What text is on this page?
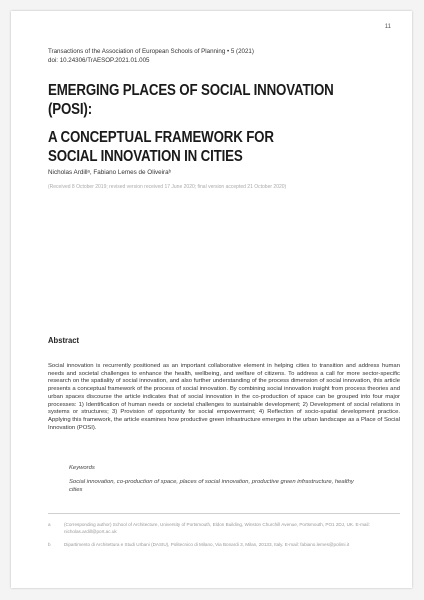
11
Transactions of the Association of European Schools of Planning • 5 (2021)
doi: 10.24306/TrAESOP.2021.01.005
EMERGING PLACES OF SOCIAL INNOVATION
(POSI):
A CONCEPTUAL FRAMEWORK FOR
SOCIAL INNOVATION IN CITIES
Nicholas Ardillᵃ, Fabiano Lemes de Oliveiraᵇ
(Received 8 October 2019; revised version received 17 June 2020; final version accepted 21 October 2020)
Abstract
Social innovation is recurrently positioned as an important collaborative element in helping cities to transition and address human needs and societal challenges to enhance the health, wellbeing, and welfare of citizens. To address a call for more sector-specific research on the spatiality of social innovation, and also further understanding of the process dimension of social innovation, this article presents a conceptual framework of the process of social innovation. By combining social innovation insight from process theories and urban spaces discourse the article indicates that of social innovation in the co-production of space can be grouped into four major processes: 1) Identification of human needs or societal challenges to sustainable development; 2) Development of social relations in systems or structures; 3) Provision of opportunity for social empowerment; 4) Reflection of socio-spatial development practice. Applying this framework, the article examines how productive green infrastructure emerges in the urban landscape as a Place of Social Innovation (POSI).
Keywords
Social innovation, co-production of space, places of social innovation, productive green infrastructure, healthy cities
a	(Corresponding author) School of Architecture, University of Portsmouth, Eldon Building, Winston Churchill Avenue, Portsmouth, PO1 2DJ, UK. E-mail: nicholas.ardill@port.ac.uk
b	Dipartimento di Architettura e Studi Urbani (DAStU), Politecnico di Milano, Via Bonardi 3, Milan, 20133, Italy. E-mail: fabiano.lemes@polimi.it
